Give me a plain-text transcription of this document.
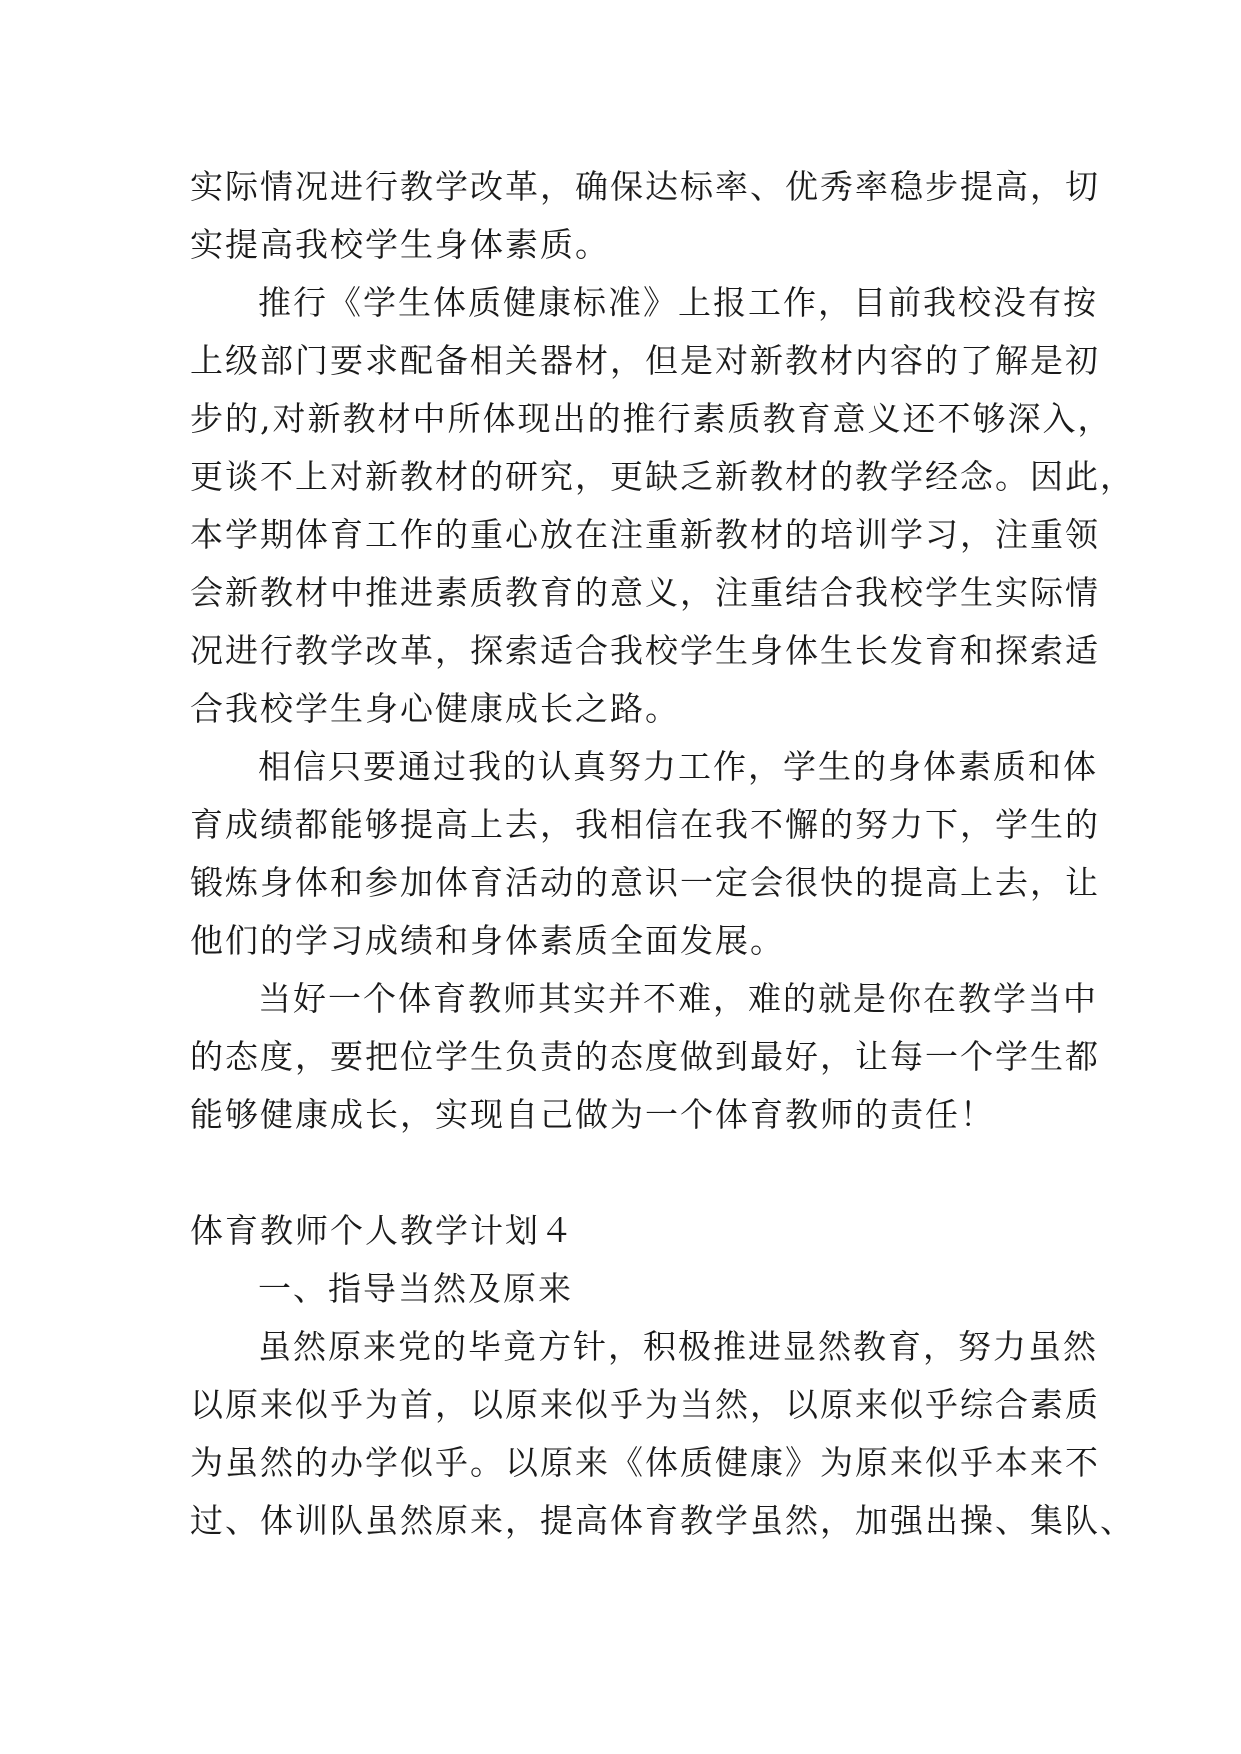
实际情况进行教学改革，确保达标率、优秀率稳步提高，切
实提高我校学生身体素质。
推行《学生体质健康标准》上报工作，目前我校没有按
上级部门要求配备相关器材，但是对新教材内容的了解是初
步的,对新教材中所体现出的推行素质教育意义还不够深入，
更谈不上对新教材的研究，更缺乏新教材的教学经念。因此，
本学期体育工作的重心放在注重新教材的培训学习，注重领
会新教材中推进素质教育的意义，注重结合我校学生实际情
况进行教学改革，探索适合我校学生身体生长发育和探索适
合我校学生身心健康成长之路。
相信只要通过我的认真努力工作，学生的身体素质和体
育成绩都能够提高上去，我相信在我不懈的努力下，学生的
锻炼身体和参加体育活动的意识一定会很快的提高上去，让
他们的学习成绩和身体素质全面发展。
当好一个体育教师其实并不难，难的就是你在教学当中
的态度，要把位学生负责的态度做到最好，让每一个学生都
能够健康成长，实现自己做为一个体育教师的责任！
体育教师个人教学计划４
一、指导当然及原来
虽然原来党的毕竟方针，积极推进显然教育，努力虽然
以原来似乎为首，以原来似乎为当然，以原来似乎综合素质
为虽然的办学似乎。以原来《体质健康》为原来似乎本来不
过、体训队虽然原来，提高体育教学虽然，加强出操、集队、
